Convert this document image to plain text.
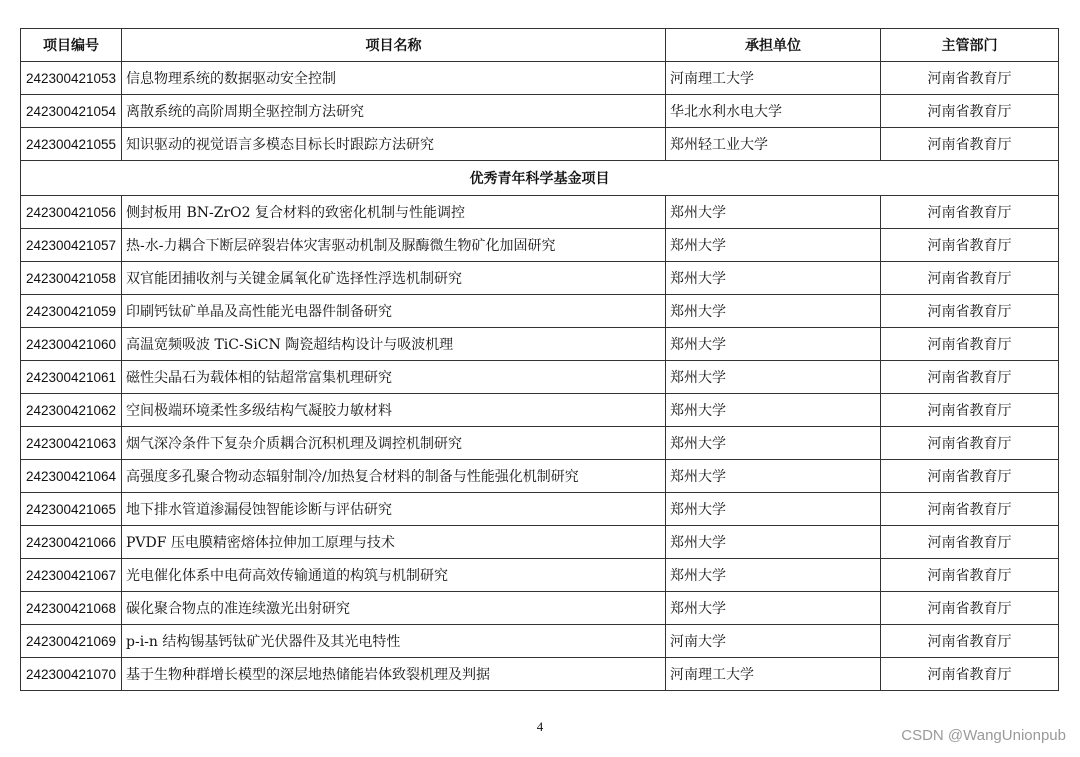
项目编号	项目名称	承担单位	主管部门
242300421053	信息物理系统的数据驱动安全控制	河南理工大学	河南省教育厅
242300421054	离散系统的高阶周期全驱控制方法研究	华北水利水电大学	河南省教育厅
242300421055	知识驱动的视觉语言多模态目标长时跟踪方法研究	郑州轻工业大学	河南省教育厅
优秀青年科学基金项目			
242300421056	侧封板用 BN-ZrO2 复合材料的致密化机制与性能调控	郑州大学	河南省教育厅
242300421057	热-水-力耦合下断层碎裂岩体灾害驱动机制及脲酶微生物矿化加固研究	郑州大学	河南省教育厅
242300421058	双官能团捕收剂与关键金属氧化矿选择性浮选机制研究	郑州大学	河南省教育厅
242300421059	印刷钙钛矿单晶及高性能光电器件制备研究	郑州大学	河南省教育厅
242300421060	高温宽频吸波 TiC-SiCN 陶瓷超结构设计与吸波机理	郑州大学	河南省教育厅
242300421061	磁性尖晶石为载体相的钴超常富集机理研究	郑州大学	河南省教育厅
242300421062	空间极端环境柔性多级结构气凝胶力敏材料	郑州大学	河南省教育厅
242300421063	烟气深冷条件下复杂介质耦合沉积机理及调控机制研究	郑州大学	河南省教育厅
242300421064	高强度多孔聚合物动态辐射制冷/加热复合材料的制备与性能强化机制研究	郑州大学	河南省教育厅
242300421065	地下排水管道渗漏侵蚀智能诊断与评估研究	郑州大学	河南省教育厅
242300421066	PVDF 压电膜精密熔体拉伸加工原理与技术	郑州大学	河南省教育厅
242300421067	光电催化体系中电荷高效传输通道的构筑与机制研究	郑州大学	河南省教育厅
242300421068	碳化聚合物点的准连续激光出射研究	郑州大学	河南省教育厅
242300421069	p-i-n 结构锡基钙钛矿光伏器件及其光电特性	河南大学	河南省教育厅
242300421070	基于生物种群增长模型的深层地热储能岩体致裂机理及判据	河南理工大学	河南省教育厅
4
CSDN @WangUnionpub
